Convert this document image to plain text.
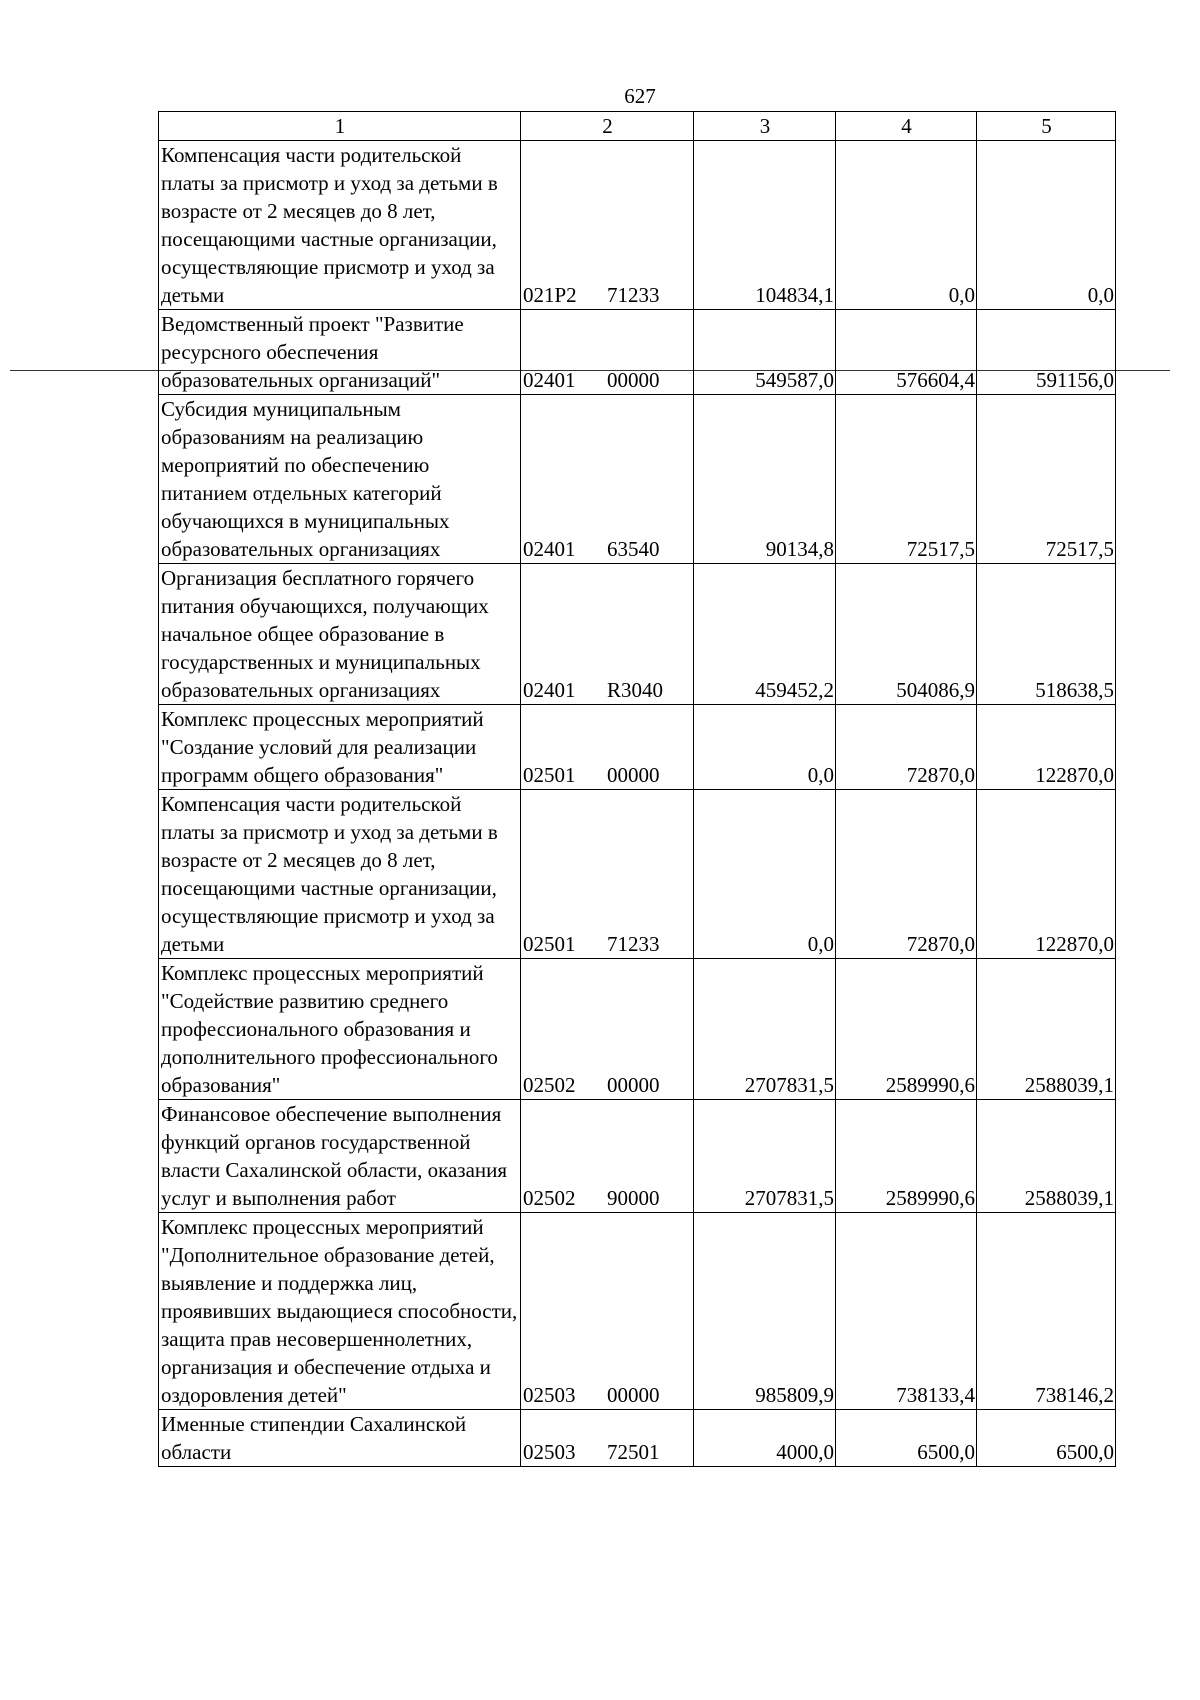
627
1	2	3	4	5
Компенсация части родительской платы за присмотр и уход за детьми в возрасте от 2 месяцев до 8 лет, посещающими частные организации, осуществляющие присмотр и уход за детьми	021Р2 71233	104834,1	0,0	0,0
Ведомственный проект "Развитие ресурсного обеспечения образовательных организаций"	02401 00000	549587,0	576604,4	591156,0
Субсидия муниципальным образованиям на реализацию мероприятий по обеспечению питанием отдельных категорий обучающихся в муниципальных образовательных организациях	02401 63540	90134,8	72517,5	72517,5
Организация бесплатного горячего питания обучающихся, получающих начальное общее образование в государственных и муниципальных образовательных организациях	02401 R3040	459452,2	504086,9	518638,5
Комплекс процессных мероприятий "Создание условий для реализации программ общего образования"	02501 00000	0,0	72870,0	122870,0
Компенсация части родительской платы за присмотр и уход за детьми в возрасте от 2 месяцев до 8 лет, посещающими частные организации, осуществляющие присмотр и уход за детьми	02501 71233	0,0	72870,0	122870,0
Комплекс процессных мероприятий "Содействие развитию среднего профессионального образования и дополнительного профессионального образования"	02502 00000	2707831,5	2589990,6	2588039,1
Финансовое обеспечение выполнения функций органов государственной власти Сахалинской области, оказания услуг и выполнения работ	02502 90000	2707831,5	2589990,6	2588039,1
Комплекс процессных мероприятий "Дополнительное образование детей, выявление и поддержка лиц, проявивших выдающиеся способности, защита прав несовершеннолетних, организация и обеспечение отдыха и оздоровления детей"	02503 00000	985809,9	738133,4	738146,2
Именные стипендии Сахалинской области	02503 72501	4000,0	6500,0	6500,0
